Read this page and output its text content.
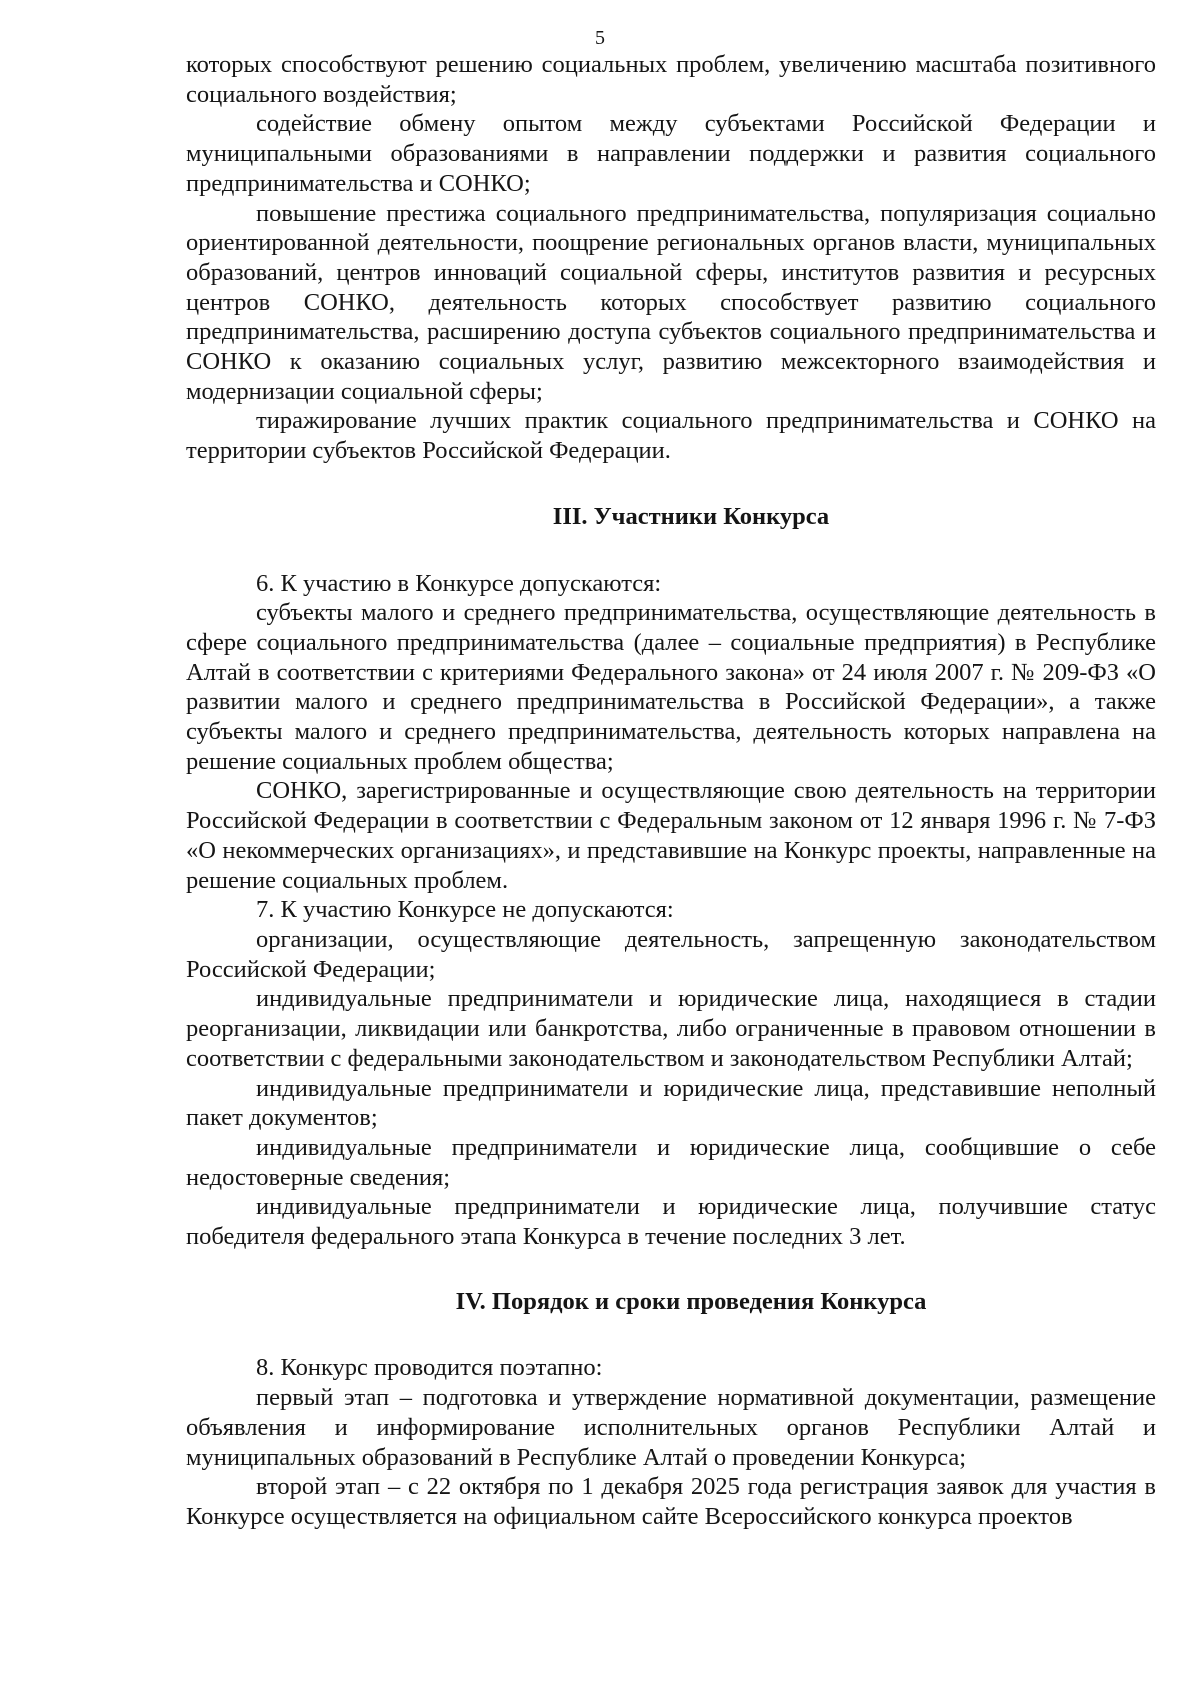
5

которых способствуют решению социальных проблем, увеличению масштаба позитивного социального воздействия;

содействие обмену опытом между субъектами Российской Федерации и муниципальными образованиями в направлении поддержки и развития социального предпринимательства и СОНКО;

повышение престижа социального предпринимательства, популяризация социально ориентированной деятельности, поощрение региональных органов власти, муниципальных образований, центров инноваций социальной сферы, институтов развития и ресурсных центров СОНКО, деятельность которых способствует развитию социального предпринимательства, расширению доступа субъектов социального предпринимательства и СОНКО к оказанию социальных услуг, развитию межсекторного взаимодействия и модернизации социальной сферы;

тиражирование лучших практик социального предпринимательства и СОНКО на территории субъектов Российской Федерации.

III. Участники Конкурса

6. К участию в Конкурсе допускаются:

субъекты малого и среднего предпринимательства, осуществляющие деятельность в сфере социального предпринимательства (далее – социальные предприятия) в Республике Алтай в соответствии с критериями Федерального закона» от 24 июля 2007 г. № 209-ФЗ «О развитии малого и среднего предпринимательства в Российской Федерации», а также субъекты малого и среднего предпринимательства, деятельность которых направлена на решение социальных проблем общества;

СОНКО, зарегистрированные и осуществляющие свою деятельность на территории Российской Федерации в соответствии с Федеральным законом от 12 января 1996 г. № 7-ФЗ «О некоммерческих организациях», и представившие на Конкурс проекты, направленные на решение социальных проблем.

7. К участию Конкурсе не допускаются:

организации, осуществляющие деятельность, запрещенную законодательством Российской Федерации;

индивидуальные предприниматели и юридические лица, находящиеся в стадии реорганизации, ликвидации или банкротства, либо ограниченные в правовом отношении в соответствии с федеральными законодательством и законодательством Республики Алтай;

индивидуальные предприниматели и юридические лица, представившие неполный пакет документов;

индивидуальные предприниматели и юридические лица, сообщившие о себе недостоверные сведения;

индивидуальные предприниматели и юридические лица, получившие статус победителя федерального этапа Конкурса в течение последних 3 лет.

IV. Порядок и сроки проведения Конкурса

8. Конкурс проводится поэтапно:

первый этап – подготовка и утверждение нормативной документации, размещение объявления и информирование исполнительных органов Республики Алтай и муниципальных образований в Республике Алтай о проведении Конкурса;

второй этап – с 22 октября по 1 декабря 2025 года регистрация заявок для участия в Конкурсе осуществляется на официальном сайте Всероссийского конкурса проектов
